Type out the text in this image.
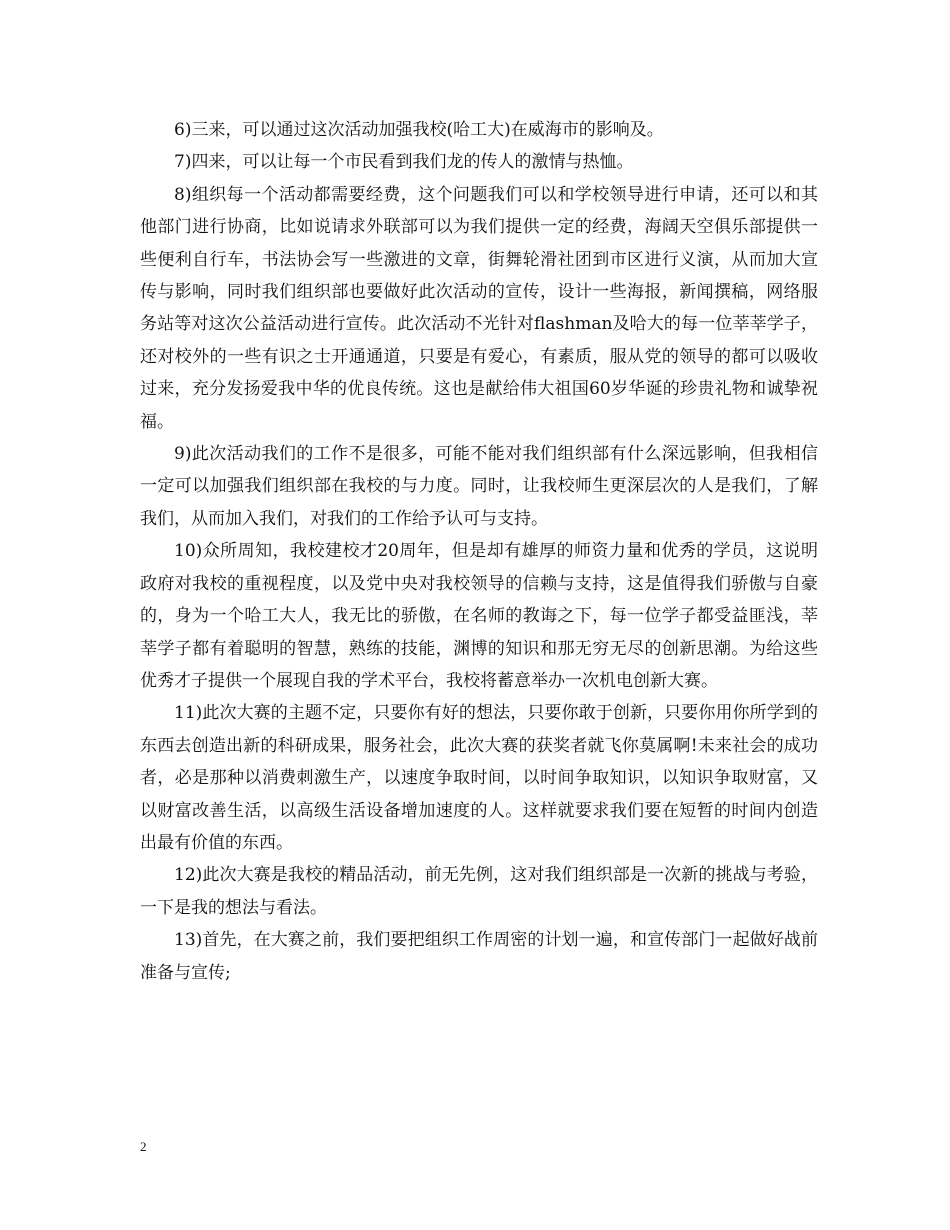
6)三来，可以通过这次活动加强我校(哈工大)在威海市的影响及。

7)四来，可以让每一个市民看到我们龙的传人的激情与热恤。

8)组织每一个活动都需要经费，这个问题我们可以和学校领导进行申请，还可以和其他部门进行协商，比如说请求外联部可以为我们提供一定的经费，海阔天空俱乐部提供一些便利自行车，书法协会写一些激进的文章，街舞轮滑社团到市区进行义演，从而加大宣传与影响，同时我们组织部也要做好此次活动的宣传，设计一些海报，新闻撰稿，网络服务站等对这次公益活动进行宣传。此次活动不光针对flashman及哈大的每一位莘莘学子，还对校外的一些有识之士开通通道，只要是有爱心，有素质，服从党的领导的都可以吸收过来，充分发扬爱我中华的优良传统。这也是献给伟大祖国60岁华诞的珍贵礼物和诚挚祝福。

9)此次活动我们的工作不是很多，可能不能对我们组织部有什么深远影响，但我相信一定可以加强我们组织部在我校的与力度。同时，让我校师生更深层次的人是我们，了解我们，从而加入我们，对我们的工作给予认可与支持。

10)众所周知，我校建校才20周年，但是却有雄厚的师资力量和优秀的学员，这说明政府对我校的重视程度，以及党中央对我校领导的信赖与支持，这是值得我们骄傲与自豪的，身为一个哈工大人，我无比的骄傲，在名师的教诲之下，每一位学子都受益匪浅，莘莘学子都有着聪明的智慧，熟练的技能，渊博的知识和那无穷无尽的创新思潮。为给这些优秀才子提供一个展现自我的学术平台，我校将蓄意举办一次机电创新大赛。

11)此次大赛的主题不定，只要你有好的想法，只要你敢于创新，只要你用你所学到的东西去创造出新的科研成果，服务社会，此次大赛的获奖者就飞你莫属啊!未来社会的成功者，必是那种以消费刺激生产，以速度争取时间，以时间争取知识，以知识争取财富，又以财富改善生活，以高级生活设备增加速度的人。这样就要求我们要在短暂的时间内创造出最有价值的东西。

12)此次大赛是我校的精品活动，前无先例，这对我们组织部是一次新的挑战与考验，一下是我的想法与看法。

13)首先，在大赛之前，我们要把组织工作周密的计划一遍，和宣传部门一起做好战前准备与宣传;

2
